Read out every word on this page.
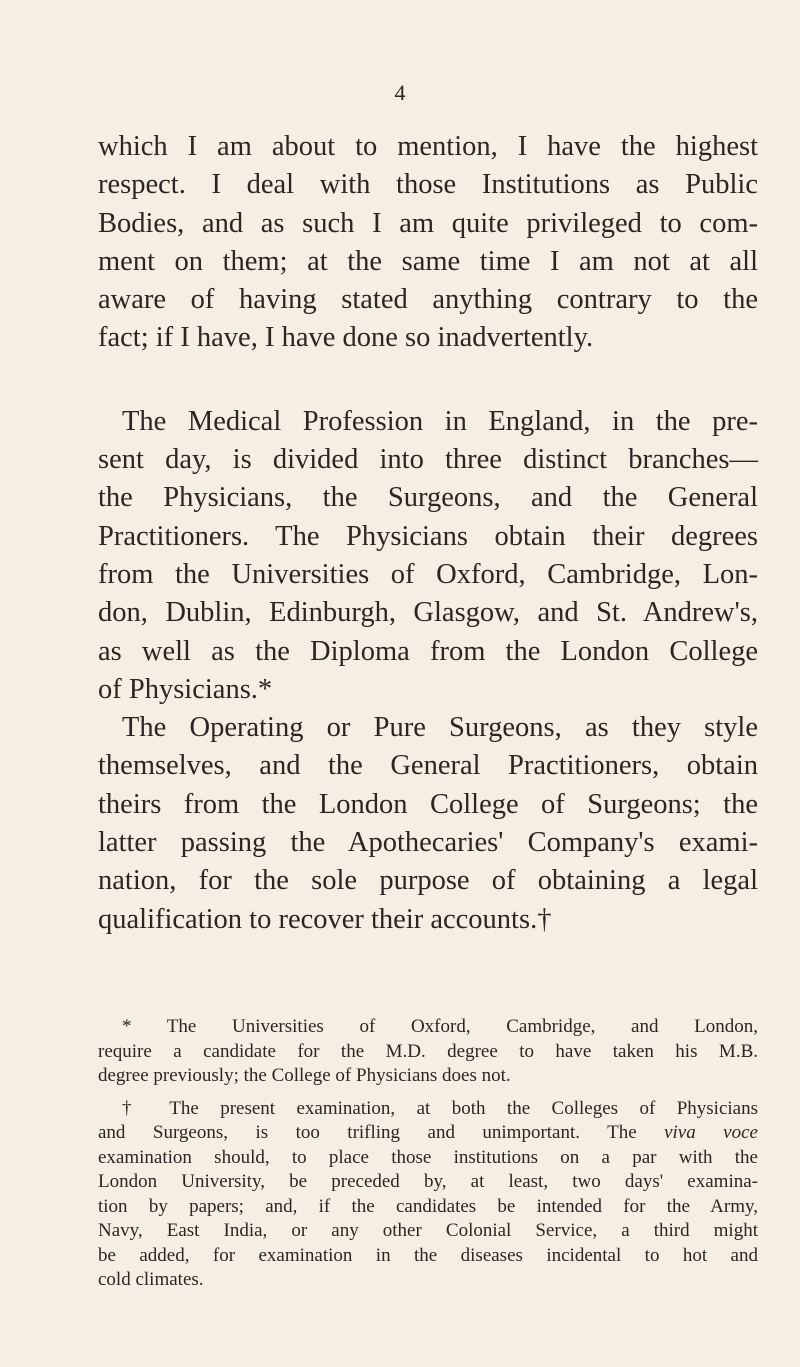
4
which I am about to mention, I have the highest
respect. I deal with those Institutions as Public
Bodies, and as such I am quite privileged to com-
ment on them; at the same time I am not at all
aware of having stated anything contrary to the
fact; if I have, I have done so inadvertently.
The Medical Profession in England, in the pre-
sent day, is divided into three distinct branches—
the Physicians, the Surgeons, and the General
Practitioners. The Physicians obtain their degrees
from the Universities of Oxford, Cambridge, Lon-
don, Dublin, Edinburgh, Glasgow, and St. Andrew's,
as well as the Diploma from the London College
of Physicians.*
The Operating or Pure Surgeons, as they style
themselves, and the General Practitioners, obtain
theirs from the London College of Surgeons; the
latter passing the Apothecaries' Company's exami-
nation, for the sole purpose of obtaining a legal
qualification to recover their accounts.†
* The Universities of Oxford, Cambridge, and London,
require a candidate for the M.D. degree to have taken his M.B.
degree previously; the College of Physicians does not.
† The present examination, at both the Colleges of Physicians
and Surgeons, is too trifling and unimportant. The viva voce
examination should, to place those institutions on a par with the
London University, be preceded by, at least, two days' examina-
tion by papers; and, if the candidates be intended for the Army,
Navy, East India, or any other Colonial Service, a third might
be added, for examination in the diseases incidental to hot and
cold climates.
